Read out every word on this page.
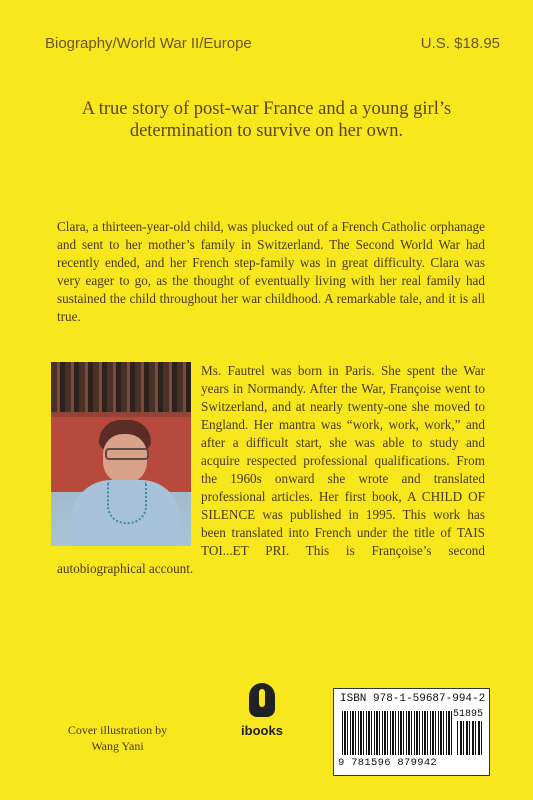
Biography/World War II/Europe	U.S. $18.95
A true story of post-war France and a young girl’s determination to survive on her own.

Clara, a thirteen-year-old child, was plucked out of a French Catholic orphanage and sent to her mother’s family in Switzerland. The Second World War had recently ended, and her French step-family was in great difficulty. Clara was very eager to go, as the thought of eventually living with her real family had sustained the child throughout her war childhood. A remarkable tale, and it is all true.

Ms. Fautrel was born in Paris. She spent the War years in Normandy. After the War, Françoise went to Switzerland, and at nearly twenty-one she moved to England. Her mantra was “work, work, work,” and after a difficult start, she was able to study and acquire respected professional qualifications. From the 1960s onward she wrote and translated professional articles. Her first book, A CHILD OF SILENCE was published in 1995. This work has been translated into French under the title of TAIS TOI...ET PRI. This is Françoise’s second autobiographical account.
ibooks
Cover illustration by Wang Yani
ISBN 978-1-59687-994-2
51895
9 781596 879942
